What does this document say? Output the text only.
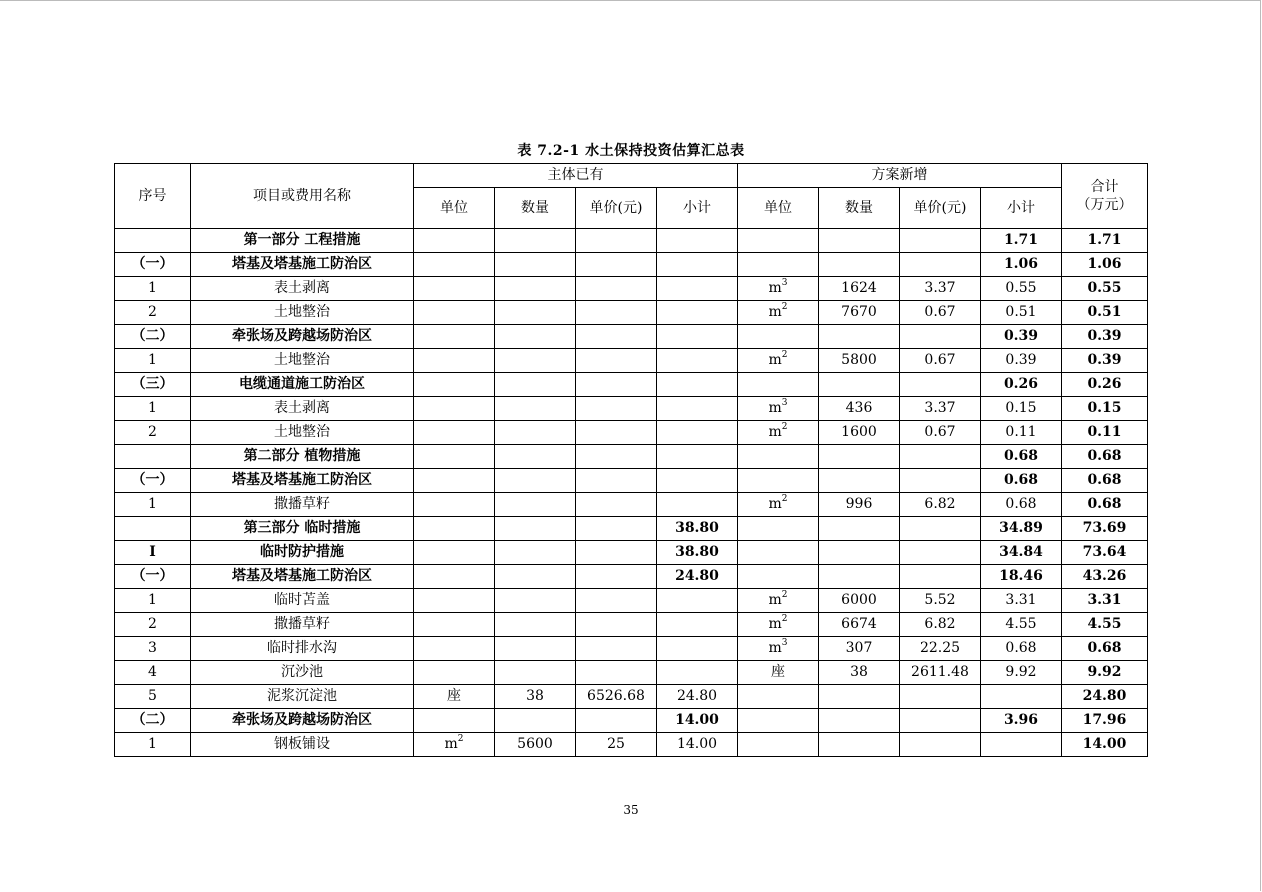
表 7.2-1 水土保持投资估算汇总表
序号	项目或费用名称	主体已有				方案新增				合计
（万元）

		单位	数量	单价(元)	小计	单位	数量	单价(元)	小计	
	第一部分 工程措施								1.71	1.71
（一）	塔基及塔基施工防治区								1.06	1.06
1	表土剥离					$m^3$	1624	3.37	0.55	0.55
2	土地整治					$m^2$	7670	0.67	0.51	0.51
（二）	牵张场及跨越场防治区								0.39	0.39
1	土地整治					$m^2$	5800	0.67	0.39	0.39
（三）	电缆通道施工防治区								0.26	0.26
1	表土剥离					$m^3$	436	3.37	0.15	0.15
2	土地整治					$m^2$	1600	0.67	0.11	0.11
	第二部分 植物措施								0.68	0.68
（一）	塔基及塔基施工防治区								0.68	0.68
1	撒播草籽					$m^2$	996	6.82	0.68	0.68
	第三部分 临时措施				38.80				34.89	73.69
I	临时防护措施				38.80				34.84	73.64
（一）	塔基及塔基施工防治区				24.80				18.46	43.26
1	临时苫盖					$m^2$	6000	5.52	3.31	3.31
2	撒播草籽					$m^2$	6674	6.82	4.55	4.55
3	临时排水沟					$m^3$	307	22.25	0.68	0.68
4	沉沙池					座	38	2611.48	9.92	9.92
5	泥浆沉淀池	座	38	6526.68	24.80					24.80
（二）	牵张场及跨越场防治区				14.00				3.96	17.96
1	钢板铺设	$m^2$	5600	25	14.00					14.00
35
